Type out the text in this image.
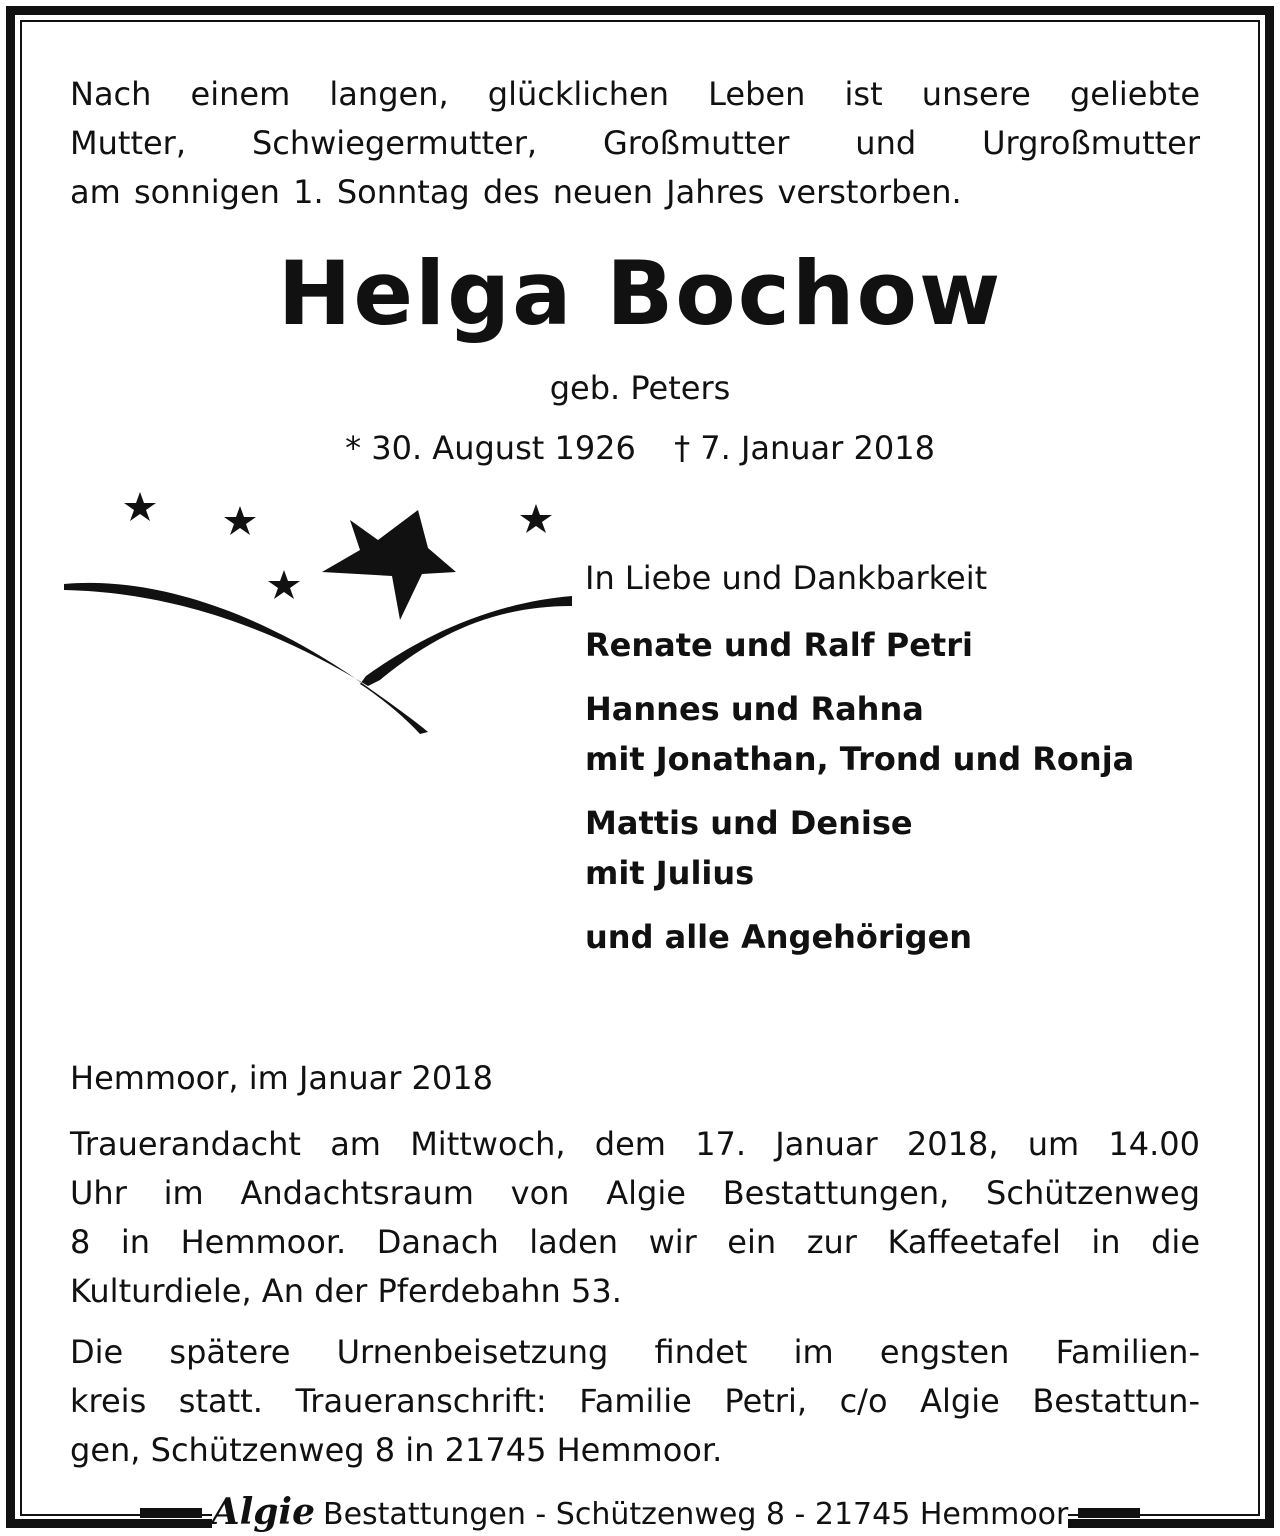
Nach einem langen, glücklichen Leben ist unsere geliebte
Mutter, Schwiegermutter, Großmutter und Urgroßmutter
am sonnigen 1. Sonntag des neuen Jahres verstorben.
Helga Bochow
geb. Peters
* 30. August 1926 † 7. Januar 2018
In Liebe und Dankbarkeit
Renate und Ralf Petri
Hannes und Rahna
mit Jonathan, Trond und Ronja
Mattis und Denise
mit Julius
und alle Angehörigen
Hemmoor, im Januar 2018
Trauerandacht am Mittwoch, dem 17. Januar 2018, um 14.00
Uhr im Andachtsraum von Algie Bestattungen, Schützenweg
8 in Hemmoor. Danach laden wir ein zur Kaffeetafel in die
Kulturdiele, An der Pferdebahn 53.
Die spätere Urnenbeisetzung findet im engsten Familien-
kreis statt. Traueranschrift: Familie Petri, c/o Algie Bestattun-
gen, Schützenweg 8 in 21745 Hemmoor.
Algie Bestattungen - Schützenweg 8 - 21745 Hemmoor
